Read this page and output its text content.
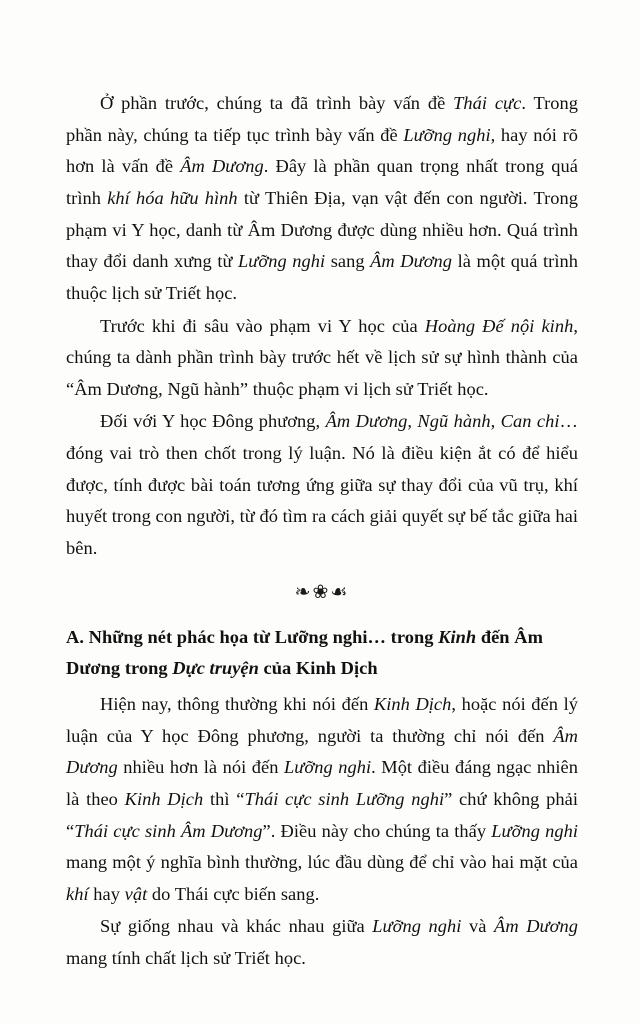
Ở phần trước, chúng ta đã trình bày vấn đề Thái cực. Trong phần này, chúng ta tiếp tục trình bày vấn đề Lưỡng nghi, hay nói rõ hơn là vấn đề Âm Dương. Đây là phần quan trọng nhất trong quá trình khí hóa hữu hình từ Thiên Địa, vạn vật đến con người. Trong phạm vi Y học, danh từ Âm Dương được dùng nhiều hơn. Quá trình thay đổi danh xưng từ Lưỡng nghi sang Âm Dương là một quá trình thuộc lịch sử Triết học.

Trước khi đi sâu vào phạm vi Y học của Hoàng Đế nội kinh, chúng ta dành phần trình bày trước hết về lịch sử sự hình thành của “Âm Dương, Ngũ hành” thuộc phạm vi lịch sử Triết học.

Đối với Y học Đông phương, Âm Dương, Ngũ hành, Can chi… đóng vai trò then chốt trong lý luận. Nó là điều kiện ắt có để hiểu được, tính được bài toán tương ứng giữa sự thay đổi của vũ trụ, khí huyết trong con người, từ đó tìm ra cách giải quyết sự bế tắc giữa hai bên.

❧❀☙

A. Những nét phác họa từ Lưỡng nghi… trong Kinh đến Âm Dương trong Dực truyện của Kinh Dịch

Hiện nay, thông thường khi nói đến Kinh Dịch, hoặc nói đến lý luận của Y học Đông phương, người ta thường chỉ nói đến Âm Dương nhiều hơn là nói đến Lưỡng nghi. Một điều đáng ngạc nhiên là theo Kinh Dịch thì “Thái cực sinh Lưỡng nghi” chứ không phải “Thái cực sinh Âm Dương”. Điều này cho chúng ta thấy Lưỡng nghi mang một ý nghĩa bình thường, lúc đầu dùng để chỉ vào hai mặt của khí hay vật do Thái cực biến sang.

Sự giống nhau và khác nhau giữa Lưỡng nghi và Âm Dương mang tính chất lịch sử Triết học.
